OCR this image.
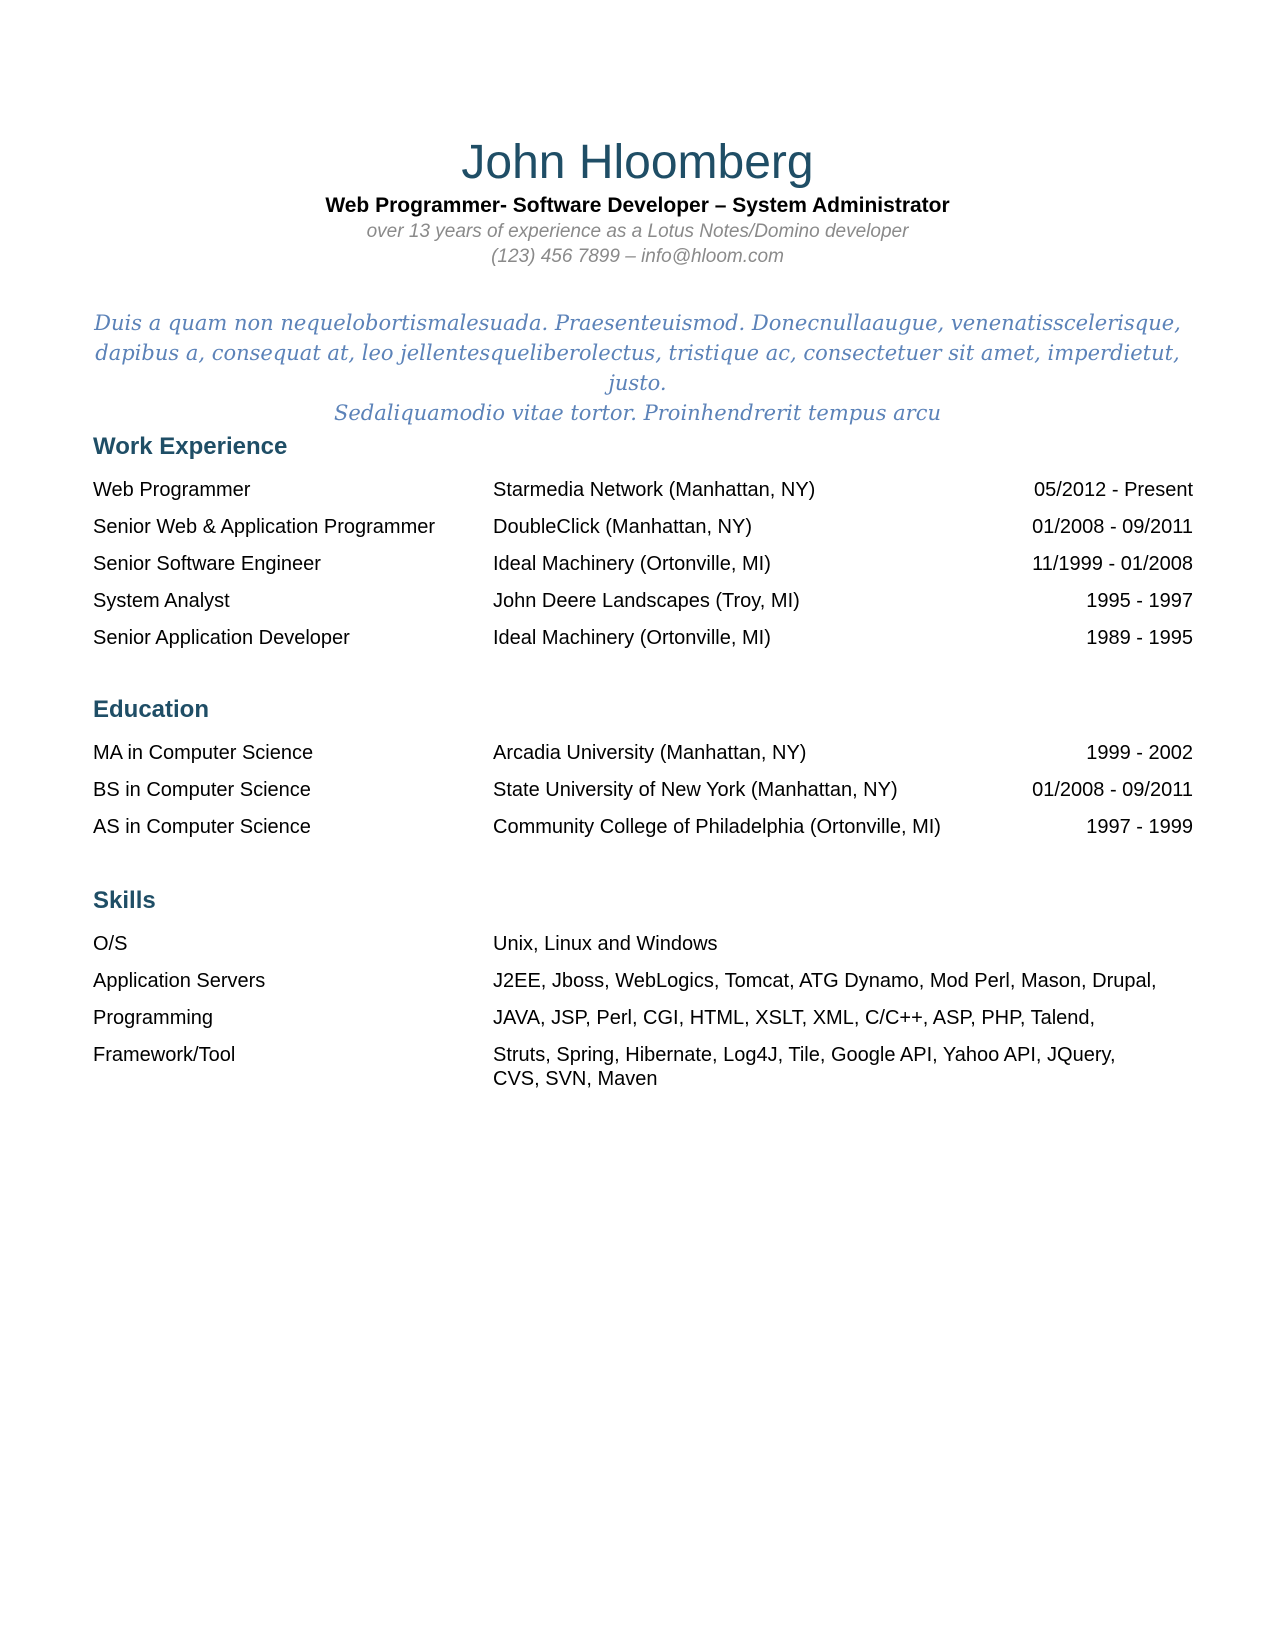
John Hloomberg
Web Programmer- Software Developer – System Administrator
over 13 years of experience as a Lotus Notes/Domino developer
(123) 456 7899 – info@hloom.com
Duis a quam non nequelobortismalesuada. Praesenteuismod. Donecnullaaugue, venenatisscelerisque,
dapibus a, consequat at, leo jellentesqueliberolectus, tristique ac, consectetuer sit amet, imperdietut, justo.
Sedaliquamodio vitae tortor. Proinhendrerit tempus arcu
Work Experience
Web Programmer	Starmedia Network (Manhattan, NY)	05/2012 - Present
Senior Web & Application Programmer	DoubleClick (Manhattan, NY)	01/2008 - 09/2011
Senior Software Engineer	Ideal Machinery (Ortonville, MI)	11/1999 - 01/2008
System Analyst	John Deere Landscapes (Troy, MI)	1995 - 1997
Senior Application Developer	Ideal Machinery (Ortonville, MI)	1989 - 1995
Education
MA in Computer Science	Arcadia University (Manhattan, NY)	1999 - 2002
BS in Computer Science	State University of New York (Manhattan, NY)	01/2008 - 09/2011
AS in Computer Science	Community College of Philadelphia (Ortonville, MI)	1997 - 1999
Skills
O/S	Unix, Linux and Windows
Application Servers	J2EE, Jboss, WebLogics, Tomcat, ATG Dynamo, Mod Perl, Mason, Drupal,
Programming	JAVA, JSP, Perl, CGI, HTML, XSLT, XML, C/C++, ASP, PHP, Talend,
Framework/Tool	Struts, Spring, Hibernate, Log4J, Tile, Google API, Yahoo API, JQuery,
CVS, SVN, Maven
